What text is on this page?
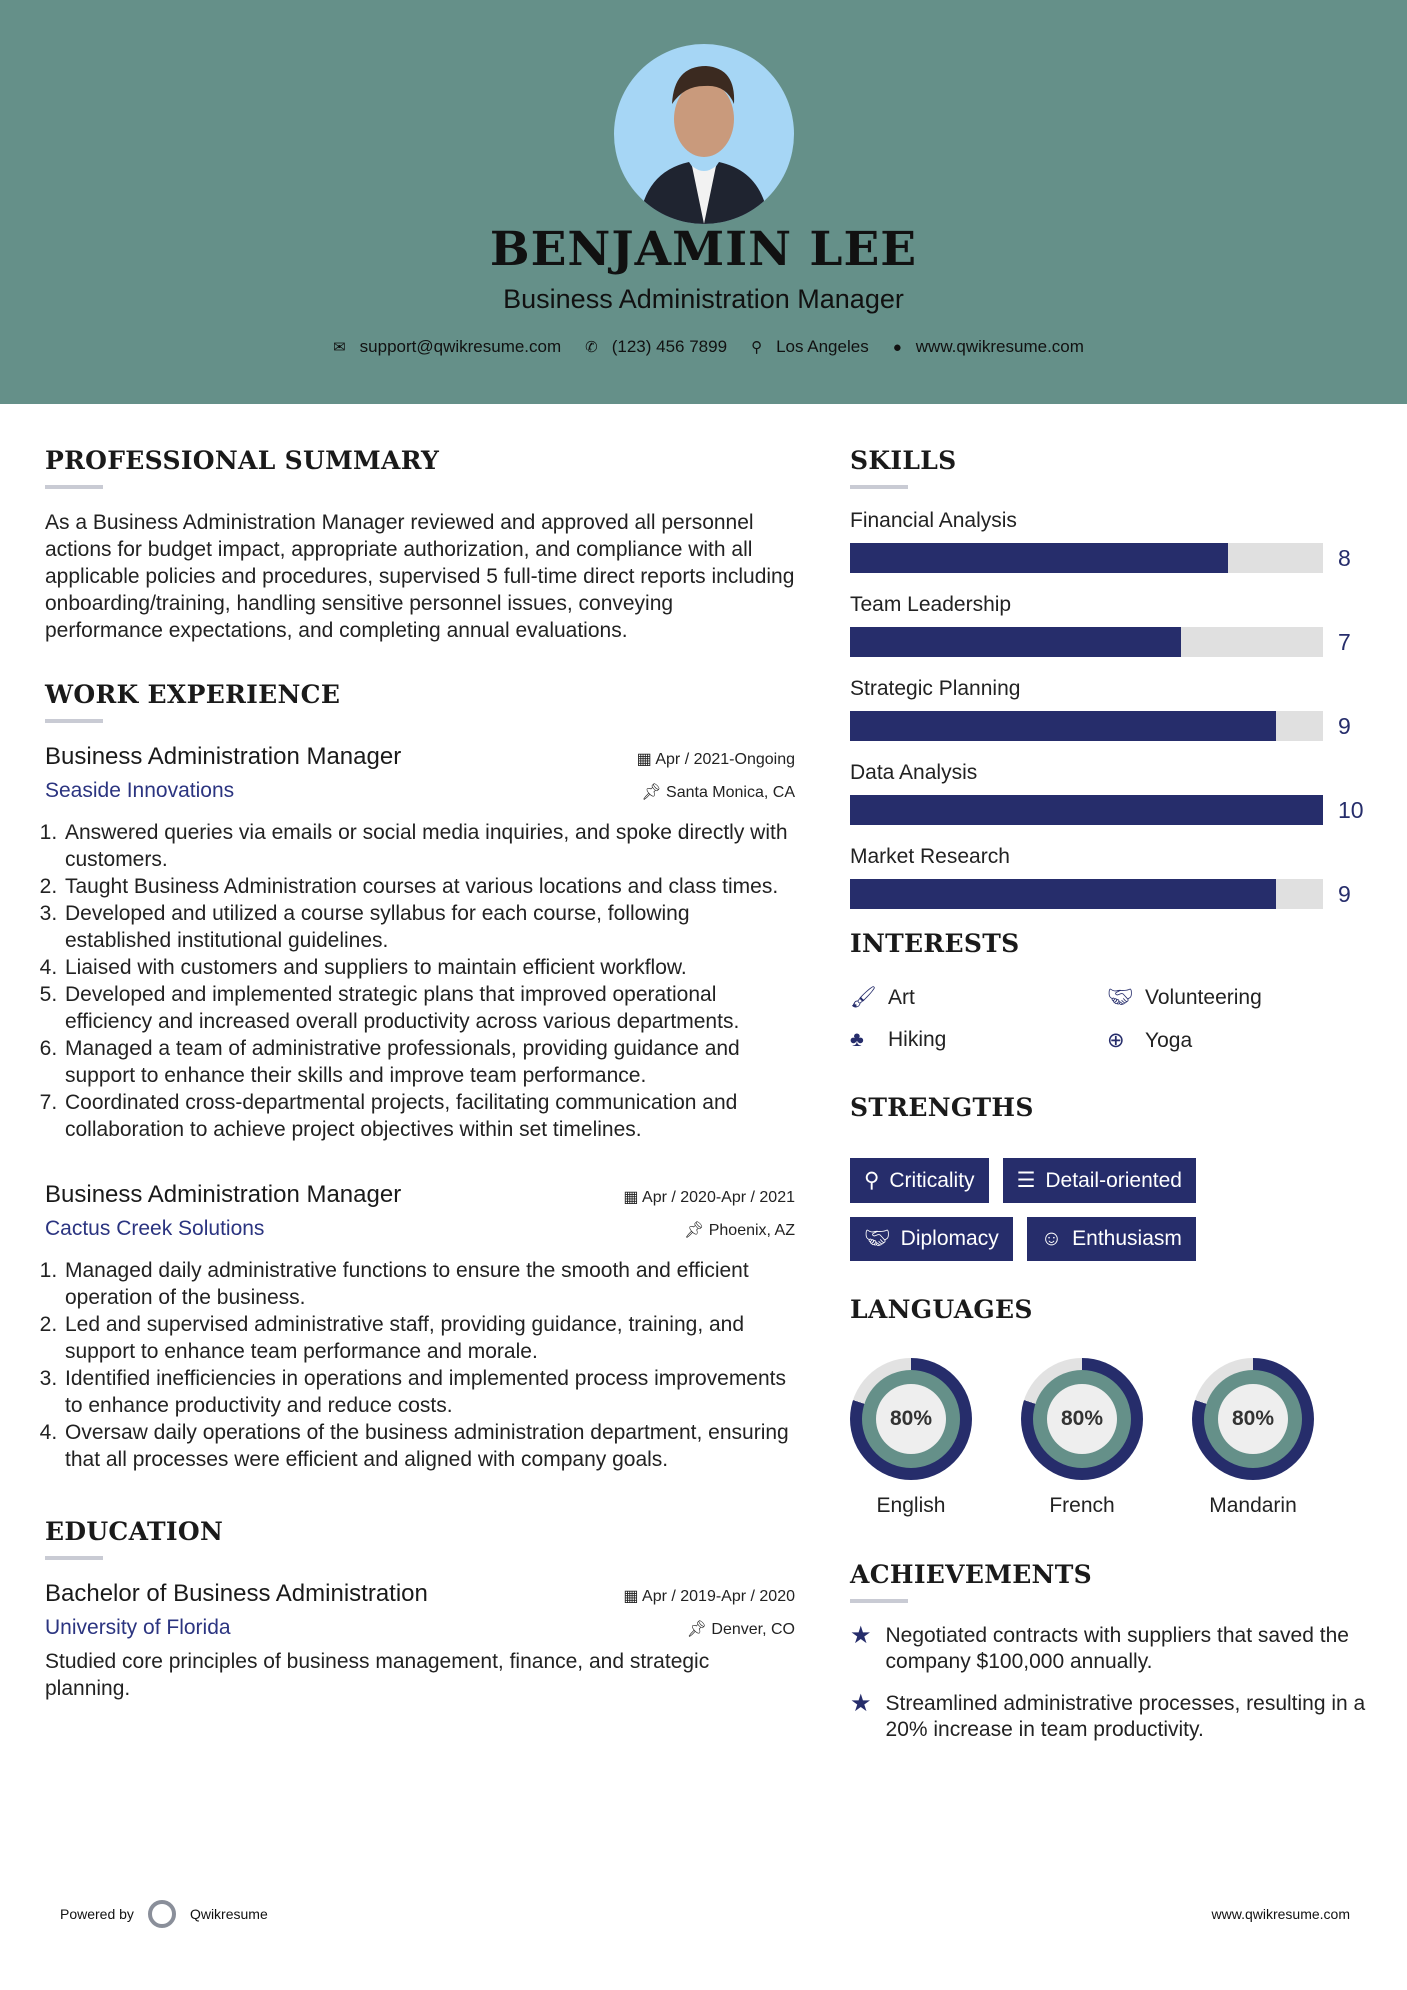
BENJAMIN LEE
Business Administration Manager
✉ support@qwikresume.com ✆ (123) 456 7899 ⚲ Los Angeles ● www.qwikresume.com
PROFESSIONAL SUMMARY

As a Business Administration Manager reviewed and approved all personnel actions for budget impact, appropriate authorization, and compliance with all applicable policies and procedures, supervised 5 full-time direct reports including onboarding/training, handling sensitive personnel issues, conveying performance expectations, and completing annual evaluations.

WORK EXPERIENCE
Business Administration Manager	▦ Apr / 2021-Ongoing
Seaside Innovations	📌︎ Santa Monica, CA
1. Answered queries via emails or social media inquiries, and spoke directly with customers.
2. Taught Business Administration courses at various locations and class times.
3. Developed and utilized a course syllabus for each course, following established institutional guidelines.
4. Liaised with customers and suppliers to maintain efficient workflow.
5. Developed and implemented strategic plans that improved operational efficiency and increased overall productivity across various departments.
6. Managed a team of administrative professionals, providing guidance and support to enhance their skills and improve team performance.
7. Coordinated cross-departmental projects, facilitating communication and collaboration to achieve project objectives within set timelines.
Business Administration Manager	▦ Apr / 2020-Apr / 2021
Cactus Creek Solutions	📌︎ Phoenix, AZ
1. Managed daily administrative functions to ensure the smooth and efficient operation of the business.
2. Led and supervised administrative staff, providing guidance, training, and support to enhance team performance and morale.
3. Identified inefficiencies in operations and implemented process improvements to enhance productivity and reduce costs.
4. Oversaw daily operations of the business administration department, ensuring that all processes were efficient and aligned with company goals.
EDUCATION
Bachelor of Business Administration	▦ Apr / 2019-Apr / 2020
University of Florida	📌︎ Denver, CO

Studied core principles of business management, finance, and strategic planning.

SKILLS
Financial Analysis
8
Team Leadership
7
Strategic Planning
9
Data Analysis
10
Market Research
9
INTERESTS
🖌︎ Art	🤝︎ Volunteering
♣ Hiking	⊕ Yoga
STRENGTHS
⚲ Criticality ☰ Detail-oriented
🤝︎ Diplomacy ☺ Enthusiasm
LANGUAGES
80%
English
80%
French
80%
Mandarin
ACHIEVEMENTS
★ Negotiated contracts with suppliers that saved the company $100,000 annually.
★ Streamlined administrative processes, resulting in a 20% increase in team productivity.
Powered by	Qwikresume	www.qwikresume.com
